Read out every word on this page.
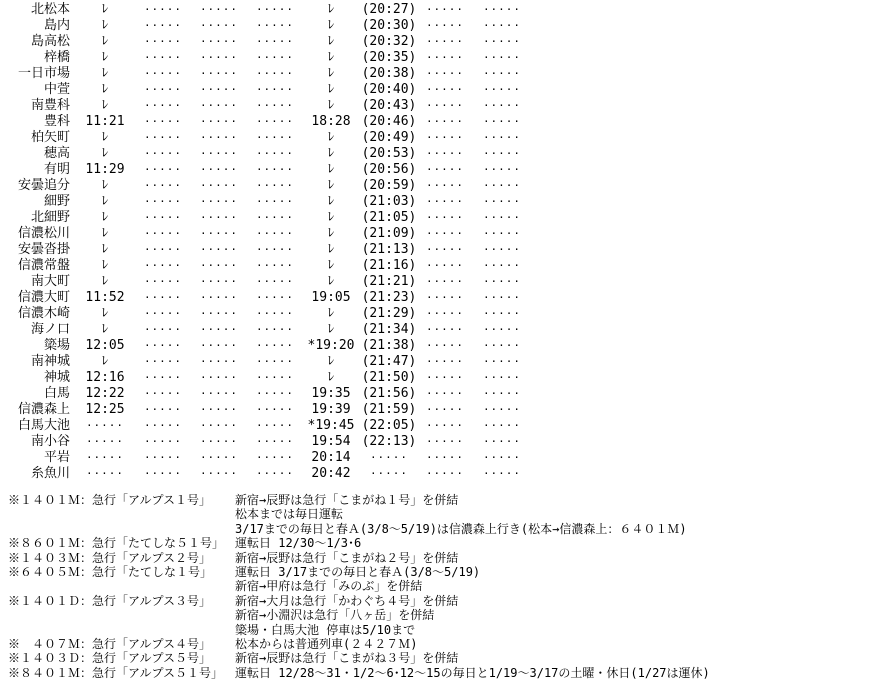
北松本	ﾚ	·····	·····	·····	ﾚ	(20:27) ·····	·····
島内	ﾚ	·····	·····	·····	ﾚ	(20:30) ·····	·····
島高松	ﾚ	·····	·····	·····	ﾚ	(20:32) ·····	·····
梓橋	ﾚ	·····	·····	·····	ﾚ	(20:35) ·····	·····
一日市場	ﾚ	·····	·····	·····	ﾚ	(20:38) ·····	·····
中萱	ﾚ	·····	·····	·····	ﾚ	(20:40) ·····	·····
南豊科	ﾚ	·····	·····	·····	ﾚ	(20:43) ·····	·····
豊科	11:21	·····	·····	·····	18:28 (20:46) ·····	·····
柏矢町	ﾚ	·····	·····	·····	ﾚ	(20:49) ·····	·····
穂高	ﾚ	·····	·····	·····	ﾚ	(20:53) ·····	·····
有明	11:29	·····	·····	·····	ﾚ	(20:56) ·····	·····
安曇追分	ﾚ	·····	·····	·····	ﾚ	(20:59) ·····	·····
細野	ﾚ	·····	·····	·····	ﾚ	(21:03) ·····	·····
北細野	ﾚ	·····	·····	·····	ﾚ	(21:05) ·····	·····
信濃松川	ﾚ	·····	·····	·····	ﾚ	(21:09) ·····	·····
安曇沓掛	ﾚ	·····	·····	·····	ﾚ	(21:13) ·····	·····
信濃常盤	ﾚ	·····	·····	·····	ﾚ	(21:16) ·····	·····
南大町	ﾚ	·····	·····	·····	ﾚ	(21:21) ·····	·····
信濃大町	11:52	·····	·····	·····	19:05 (21:23) ·····	·····
信濃木崎	ﾚ	·····	·····	·····	ﾚ	(21:29) ·····	·····
海ノ口	ﾚ	·····	·····	·····	ﾚ	(21:34) ·····	·····
簗場	12:05	·····	·····	·····	*19:20 (21:38) ·····	·····
南神城	ﾚ	·····	·····	·····	ﾚ	(21:47) ·····	·····
神城	12:16	·····	·····	·····	ﾚ	(21:50) ·····	·····
白馬	12:22	·····	·····	·····	19:35 (21:56) ·····	·····
信濃森上	12:25	·····	·····	·····	19:39 (21:59) ·····	·····
白馬大池	·····	·····	·····	·····	*19:45 (22:05) ·····	·····
南小谷	·····	·····	·····	·····	19:54 (22:13) ·····	·····
平岩	·····	·····	·····	·····	20:14	·····	·····	·····
糸魚川	·····	·····	·····	·····	20:42	·····	·····	·····
※１４０１Ｍ：急行「アルプス１号」	新宿→辰野は急行「こまがね１号」を併結
松本までは毎日運転
3/17までの毎日と春Ａ(3/8～5/19)は信濃森上行き(松本→信濃森上：６４０１Ｍ)
※８６０１Ｍ：急行「たてしな５１号」 運転日 12/30～1/3･6
※１４０３Ｍ：急行「アルプス２号」	新宿→辰野は急行「こまがね２号」を併結
※６４０５Ｍ：急行「たてしな１号」	運転日 3/17までの毎日と春Ａ(3/8～5/19)
新宿→甲府は急行「みのぶ」を併結
※１４０１Ｄ：急行「アルプス３号」	新宿→大月は急行「かわぐち４号」を併結
新宿→小淵沢は急行「八ヶ岳」を併結
簗場・白馬大池 停車は5/10まで
※　４０７Ｍ：急行「アルプス４号」	松本からは普通列車(２４２７Ｍ)
※１４０３Ｄ：急行「アルプス５号」	新宿→辰野は急行「こまがね３号」を併結
※８４０１Ｍ：急行「アルプス５１号」 運転日 12/28～31・1/2～6･12～15の毎日と1/19～3/17の土曜・休日(1/27は運休)
